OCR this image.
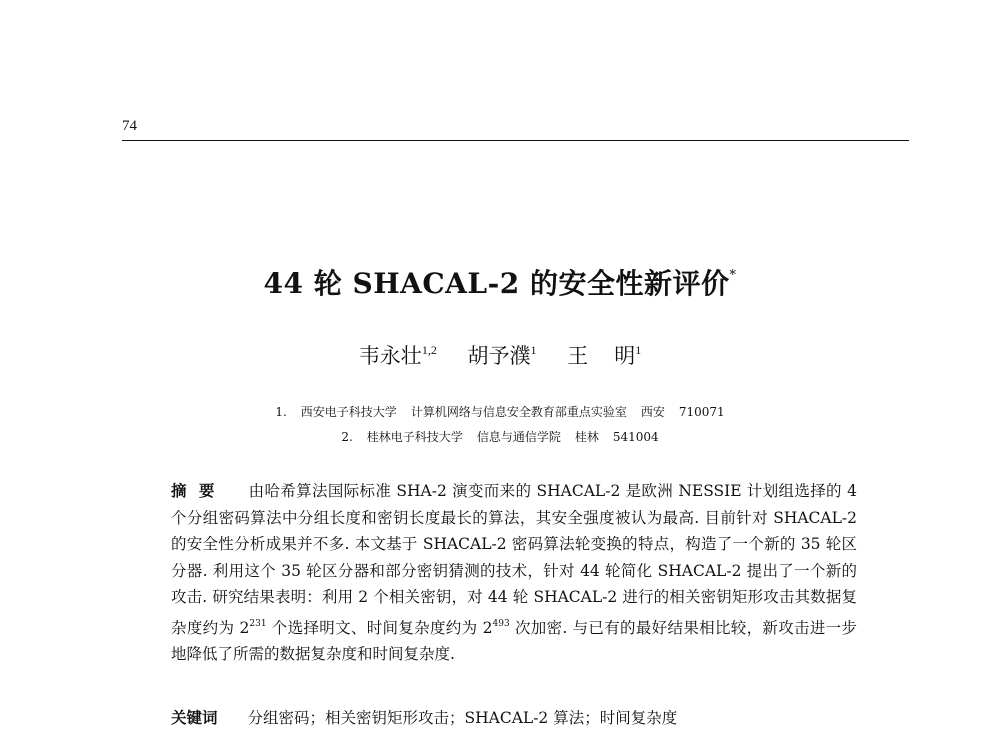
74
44 轮 SHACAL-2 的安全性新评价*
韦永壮$^{1,2}$ 胡予濮$^1$ 王 明$^1$
1. 西安电子科技大学 计算机网络与信息安全教育部重点实验室 西安 710071
2. 桂林电子科技大学 信息与通信学院 桂林 541004
摘要 由哈希算法国际标准 SHA-2 演变而来的 SHACAL-2 是欧洲 NESSIE 计划组选择的 4 个分组密码算法中分组长度和密钥长度最长的算法，其安全强度被认为最高. 目前针对 SHACAL-2 的安全性分析成果并不多. 本文基于 SHACAL-2 密码算法轮变换的特点，构造了一个新的 35 轮区分器. 利用这个 35 轮区分器和部分密钥猜测的技术，针对 44 轮简化 SHACAL-2 提出了一个新的攻击. 研究结果表明：利用 2 个相关密钥，对 44 轮 SHACAL-2 进行的相关密钥矩形攻击其数据复杂度约为 $2^{231}$ 个选择明文、时间复杂度约为 $2^{493}$ 次加密. 与已有的最好结果相比较，新攻击进一步地降低了所需的数据复杂度和时间复杂度.
关键词 分组密码；相关密钥矩形攻击；SHACAL-2 算法；时间复杂度
